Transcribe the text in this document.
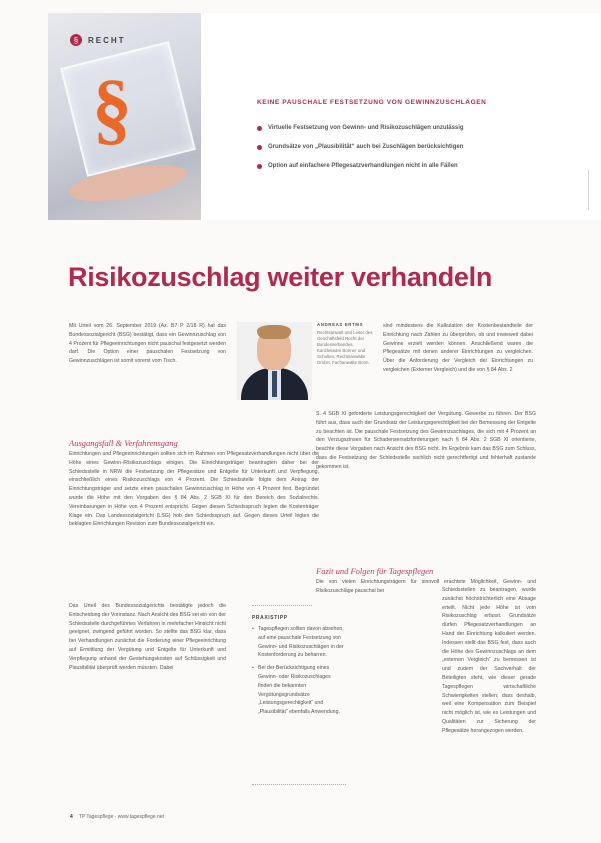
§
§	RECHT
KEINE PAUSCHALE FESTSETZUNG VON GEWINNZUSCHLÄGEN
Virtuelle Festsetzung von Gewinn- und Risikozuschlägen unzulässig
Grundsätze von „Plausibilität“ auch bei Zuschlägen berücksichtigen
Option auf einfachere Pflegesatzverhandlungen nicht in alle Fällen
Risikozuschlag weiter verhandeln

Mit Urteil vom 26. September 2019 (Az. B7 P 2/18 R) hat das Bundessozialgericht (BSG) bestätigt, dass ein Gewinnzuschlag von 4 Prozent für Pflegeeinrichtungen nicht pauschal festgesetzt werden darf. Die Option einer pauschalen Festsetzung von Gewinnzuschlägen ist somit vorerst vom Tisch.

ANDREAS ERTMS
Rechtsanwalt und Leiter des Geschäftsfeld Recht der Bundesverbandes, Kanzleiteam Bonner und Schulten, Rechtsanwälte GmbH, Fachanwälte Bonn.

sind mindestens die Kalkulation der Kostenbestandteile der Einrichtung nach Zahlen zu überprüfen, ob und inwieweit dabei Gewinne erzielt werden können. Anschließend waren die Pflegesätze mit denen anderer Einrichtungen zu vergleichen. Über die Anforderung der Vergleich der Einrichtungen zu vergleichen (Externer Vergleich) und die von § 84 Abs. 2

Ausgangsfall & Verfahrensgang

Einrichtungen und Pflegeeinrichtungen sollten sich im Rahmen von Pflegesatzverhandlungen nicht über die Höhe eines Gewinn-/Risikozuschlags einigen. Die Einrichtungsträger beantragten daher bei der Schiedsstelle in NRW die Festsetzung der Pflegesätze und Entgelte für Unterkunft und Verpflegung, einschließlich eines Risikozuschlags von 4 Prozent. Die Schiedsstelle folgte dem Antrag der Einrichtungsträger und setzte einen pauschalen Gewinnzuschlag in Höhe von 4 Prozent fest. Begründet wurde die Höhe mit den Vorgaben des § 84 Abs. 2 SGB XI für den Bereich des Sozialrechts. Vereinbarungen in Höhe von 4 Prozent entspricht. Gegen diesen Schiedsspruch legten die Kostenträger Klage ein. Das Landessozialgericht (LSG) hob den Schiedsspruch auf. Gegen dieses Urteil legten die beklagten Einrichtungen Revision zum Bundessozialgericht ein.

Das Urteil des Bundessozialgerichts bestätigte jedoch die Entscheidung der Vorinstanz. Nach Ansicht des BSG sei ein von der Schiedsstelle durchgeführtes Verfahren in mehrfacher Hinsicht nicht geeignet, zwingend geführt worden. So stellte das BSG klar, dass bei Verhandlungen zunächst die Forderung einer Pflegeeinrichtung auf Ermittlung der Vergütung und Entgelte für Unterkunft und Verpflegung anhand der Gestehungskosten auf Schlüssigkeit und Plausibilität überprüft werden müssten. Dabei

S. 4 SGB XI geforderte Leistungsgerechtigkeit der Vergütung. Gewerbe zu führen. Der BSG führt aus, dass auch der Grundsatz der Leistungsgerechtigkeit bei der Bemessung der Entgelte zu beachten ist. Die pauschale Festsetzung des Gewinnzuschlages, die sich mit 4 Prozent an den Verzugszinsen für Schadensersatzforderungen nach § 84 Abs. 2 SGB XI orientierte, beachte diese Vorgaben nach Ansicht des BSG nicht. Im Ergebnis kam das BSG zum Schluss, dass die Festsetzung der Schiedsstelle sachlich nicht gerechtfertigt und fehlerhaft zustande gekommen ist.

Fazit und Folgen für Tagespflegen

Die von vielen Einrichtungsträgern für sinnvoll erachtete Möglichkeit, Gewinn- und Risikozuschläge pauschal bei	Schiedsstellen zu beantragen, wurde zunächst höchstrichterlich eine Absage erteilt. Nicht jede Höhe ist vom Risikozuschlag erfasst. Grundsätze dürfen Pflegesatzverhandlungen an Hand der Einrichtung kalkuliert werden. Indessen stellt das BSG fest, dass auch die Höhe des Gewinnzuschlags an dem „externen Vergleich“ zu bemessen ist und zudem der Sachverhalt der Beteiligten steht, wie dieser gerade Tagespflegen wirtschaftliche Schwierigkeiten stellen; dass deshalb, weil eine Kompensation zum Beispiel nicht möglich ist, wie es Leistungen und Qualitäten zur Sicherung der Pflegesätze herangezogen werden.

PRAXISTIPP
• Tagespflegen sollten davon absehen, auf eine pauschale Festsetzung von Gewinn- und Risikozuschlägen in der Kostenforderung zu beharren.
• Bei der Berücksichtigung eines Gewinn- oder Risikozuschlages finden die bekannten Vergütungsgrundsätze „Leistungsgerechtigkeit“ und „Plausibilität“ ebenfalls Anwendung.
4 TP Tagespflege · www.tagespflege.net
